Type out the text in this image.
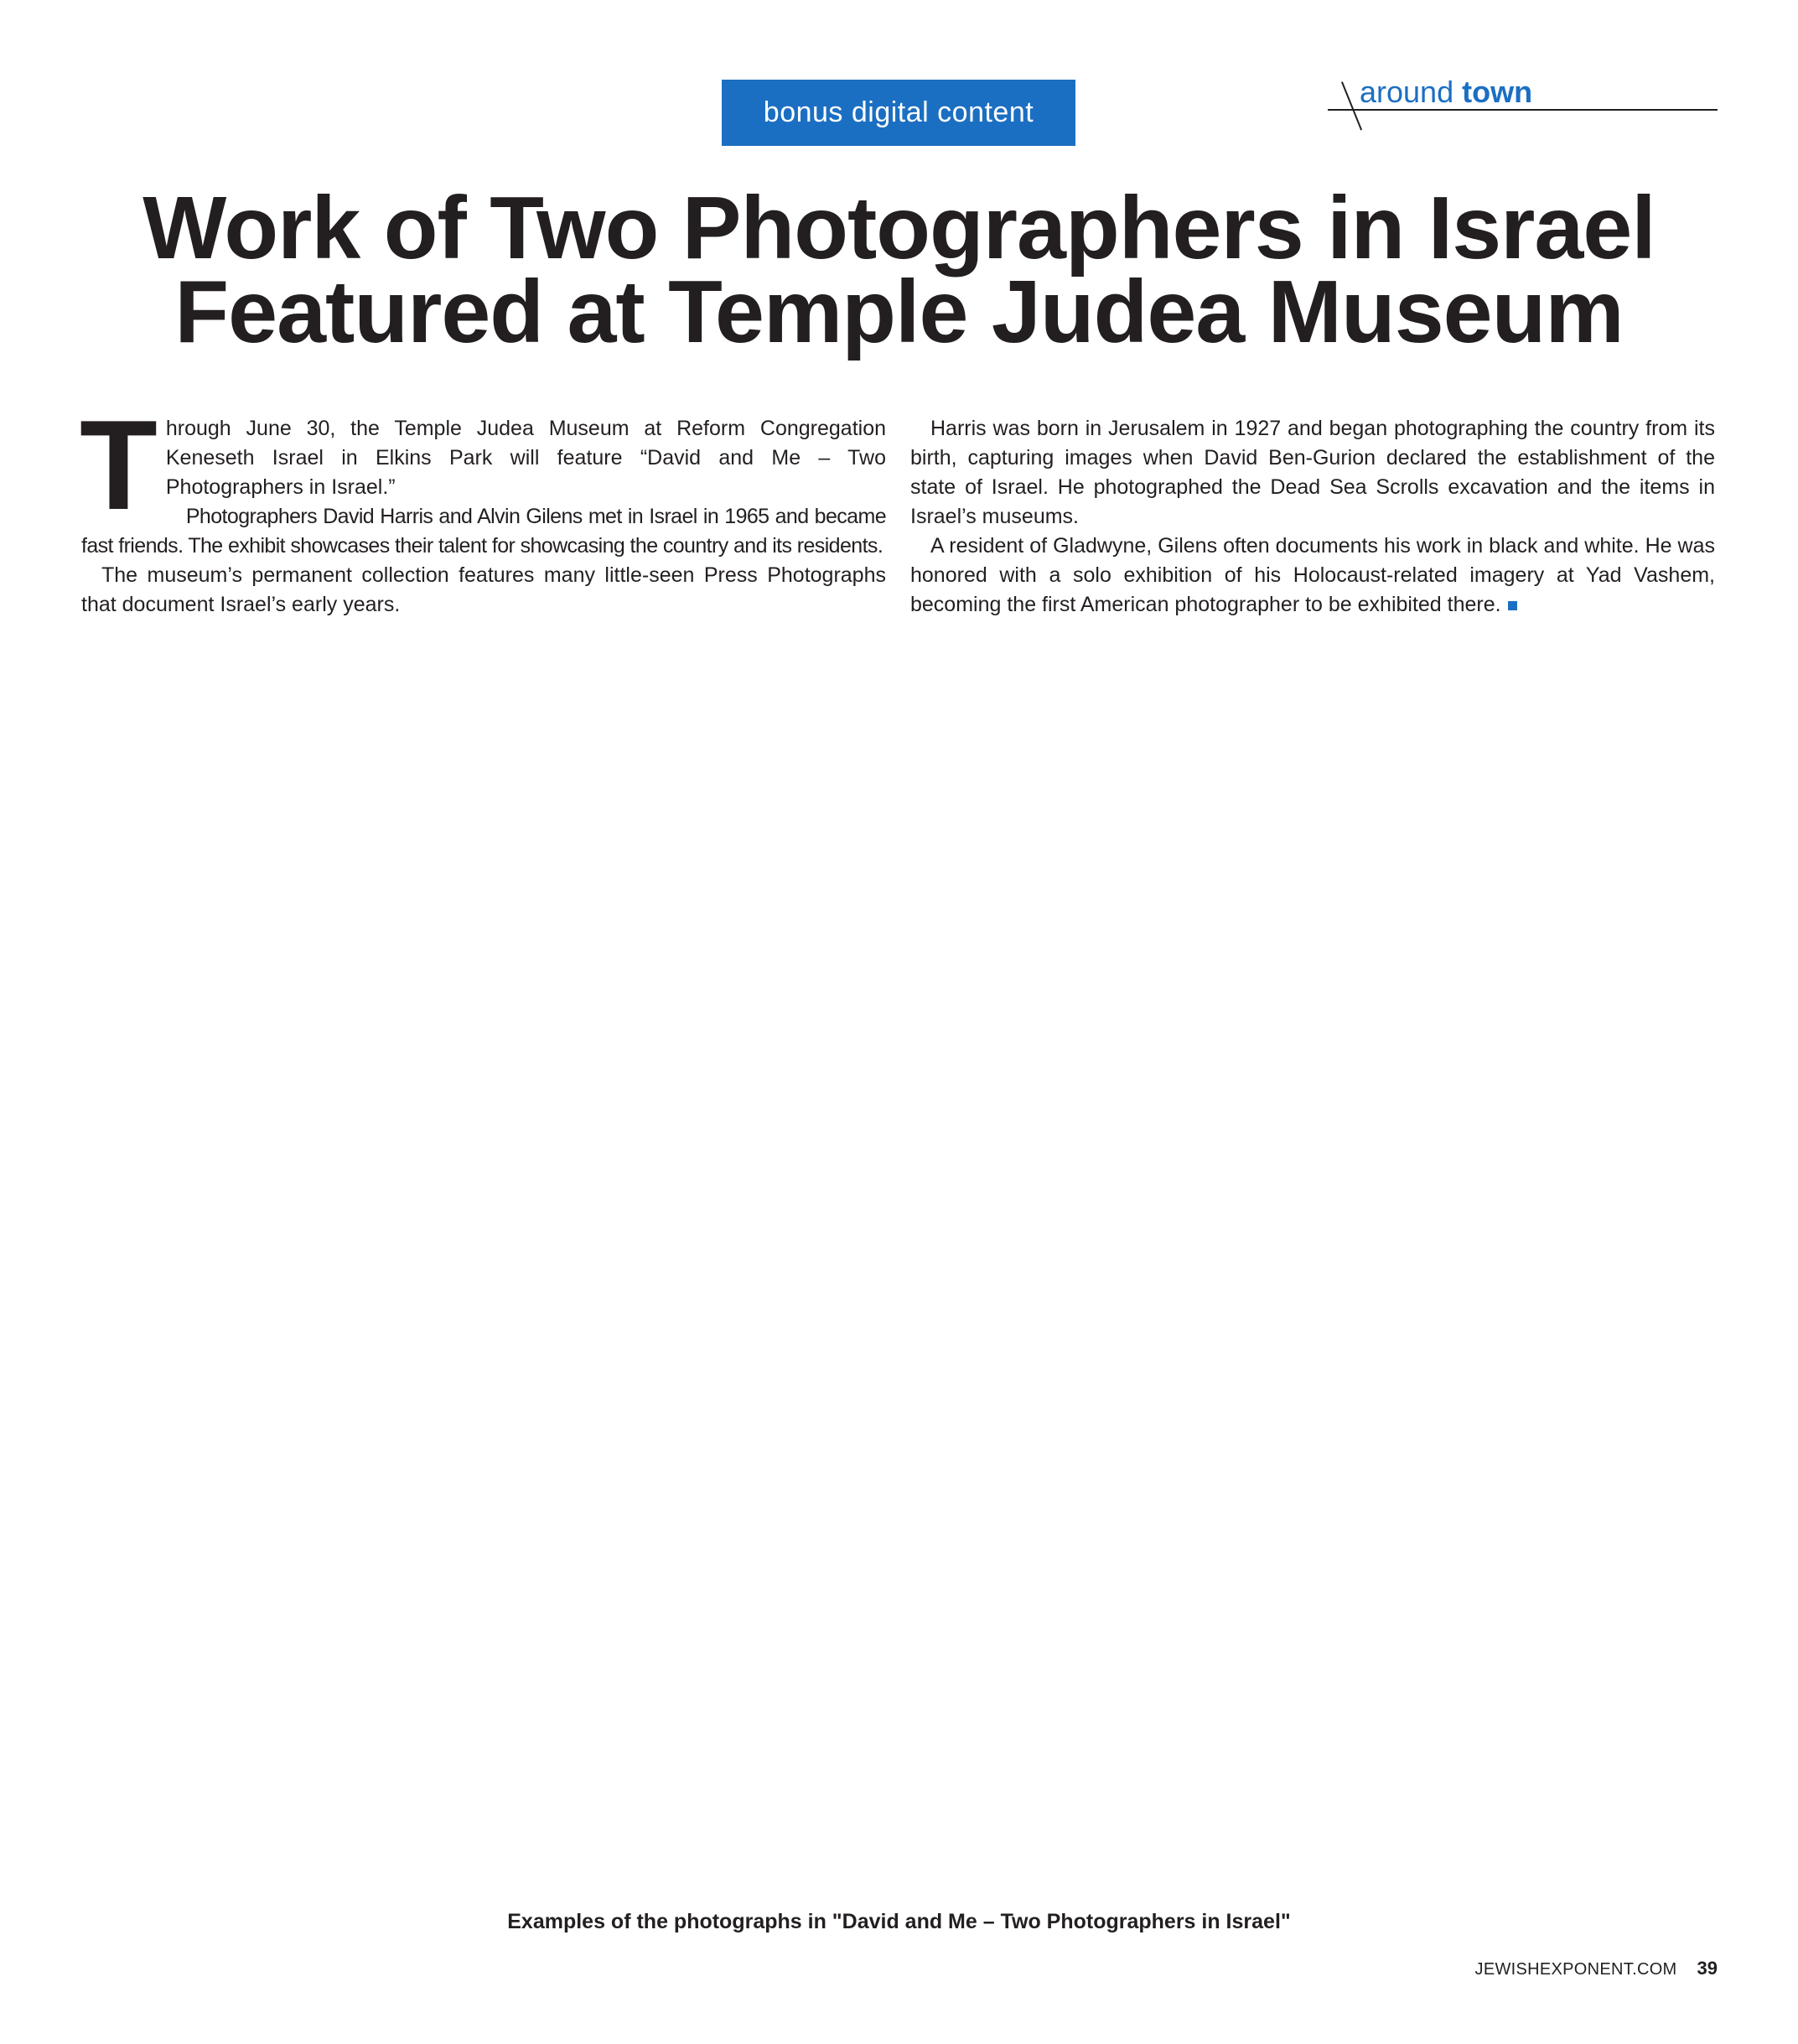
bonus digital content
around town
Work of Two Photographers in Israel
Featured at Temple Judea Museum

Through June 30, the Temple Judea Museum at Reform Congregation Keneseth Israel in Elkins Park will feature “David and Me – Two Photographers in Israel.”

Photographers David Harris and Alvin Gilens met in Israel in 1965 and became fast friends. The exhibit showcases their talent for showcasing the country and its residents.

The museum’s permanent collection features many little-seen Press Photographs that document Israel’s early years.

Harris was born in Jerusalem in 1927 and began photographing the country from its birth, capturing images when David Ben-Gurion declared the establishment of the state of Israel. He photographed the Dead Sea Scrolls excavation and the items in Israel’s museums.

A resident of Gladwyne, Gilens often documents his work in black and white. He was honored with a solo exhibition of his Holocaust-related imagery at Yad Vashem, becoming the first American photographer to be exhibited there.

Examples of the photographs in "David and Me – Two Photographers in Israel"
JEWISHEXPONENT.COM 39
